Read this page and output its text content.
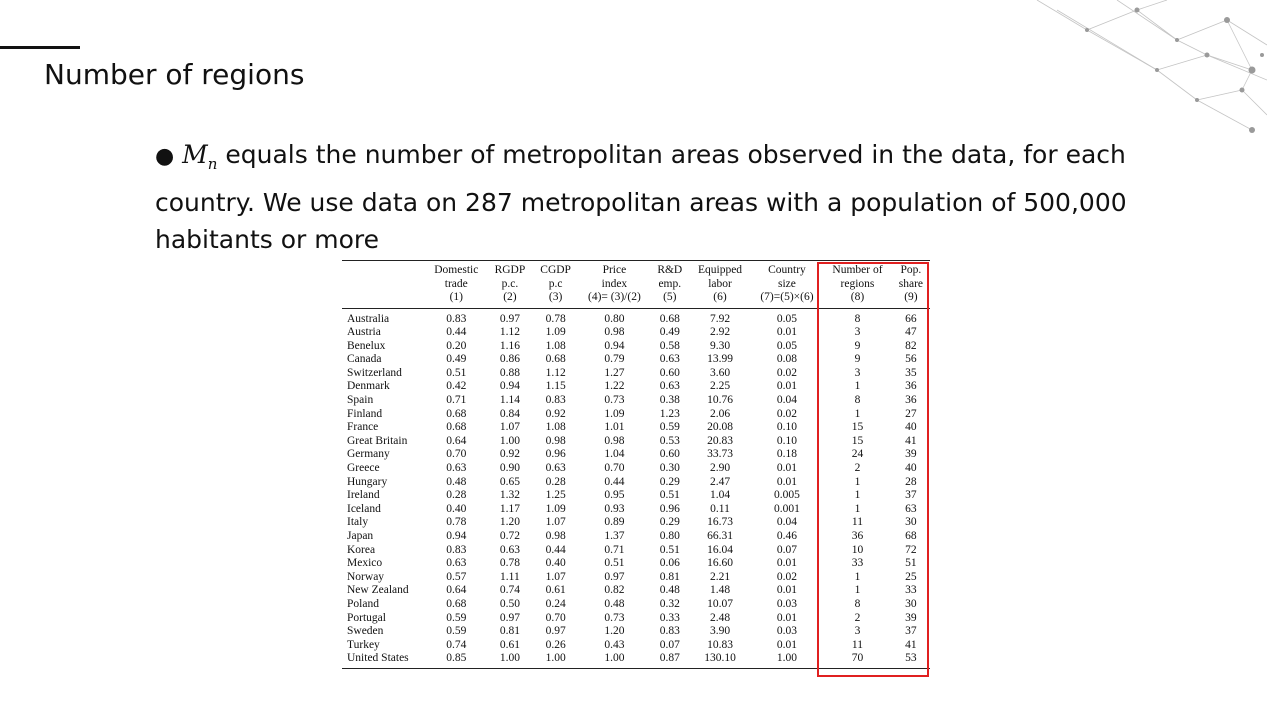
Number of regions
● $M_n$ equals the number of metropolitan areas observed in the data, for each country. We use data on 287 metropolitan areas with a population of 500,000 habitants or more
	Domestic
trade
(1)	RGDP
p.c.
(2)	CGDP
p.c
(3)	Price
index
(4)= (3)/(2)	R&D
emp.
(5)	Equipped
labor
(6)	Country
size
(7)=(5)×(6)	Number of
regions
(8)	Pop.
share
(9)
Australia	0.83	0.97	0.78	0.80	0.68	7.92	0.05	8	66
Austria	0.44	1.12	1.09	0.98	0.49	2.92	0.01	3	47
Benelux	0.20	1.16	1.08	0.94	0.58	9.30	0.05	9	82
Canada	0.49	0.86	0.68	0.79	0.63	13.99	0.08	9	56
Switzerland	0.51	0.88	1.12	1.27	0.60	3.60	0.02	3	35
Denmark	0.42	0.94	1.15	1.22	0.63	2.25	0.01	1	36
Spain	0.71	1.14	0.83	0.73	0.38	10.76	0.04	8	36
Finland	0.68	0.84	0.92	1.09	1.23	2.06	0.02	1	27
France	0.68	1.07	1.08	1.01	0.59	20.08	0.10	15	40
Great Britain	0.64	1.00	0.98	0.98	0.53	20.83	0.10	15	41
Germany	0.70	0.92	0.96	1.04	0.60	33.73	0.18	24	39
Greece	0.63	0.90	0.63	0.70	0.30	2.90	0.01	2	40
Hungary	0.48	0.65	0.28	0.44	0.29	2.47	0.01	1	28
Ireland	0.28	1.32	1.25	0.95	0.51	1.04	0.005	1	37
Iceland	0.40	1.17	1.09	0.93	0.96	0.11	0.001	1	63
Italy	0.78	1.20	1.07	0.89	0.29	16.73	0.04	11	30
Japan	0.94	0.72	0.98	1.37	0.80	66.31	0.46	36	68
Korea	0.83	0.63	0.44	0.71	0.51	16.04	0.07	10	72
Mexico	0.63	0.78	0.40	0.51	0.06	16.60	0.01	33	51
Norway	0.57	1.11	1.07	0.97	0.81	2.21	0.02	1	25
New Zealand	0.64	0.74	0.61	0.82	0.48	1.48	0.01	1	33
Poland	0.68	0.50	0.24	0.48	0.32	10.07	0.03	8	30
Portugal	0.59	0.97	0.70	0.73	0.33	2.48	0.01	2	39
Sweden	0.59	0.81	0.97	1.20	0.83	3.90	0.03	3	37
Turkey	0.74	0.61	0.26	0.43	0.07	10.83	0.01	11	41
United States	0.85	1.00	1.00	1.00	0.87	130.10	1.00	70	53
